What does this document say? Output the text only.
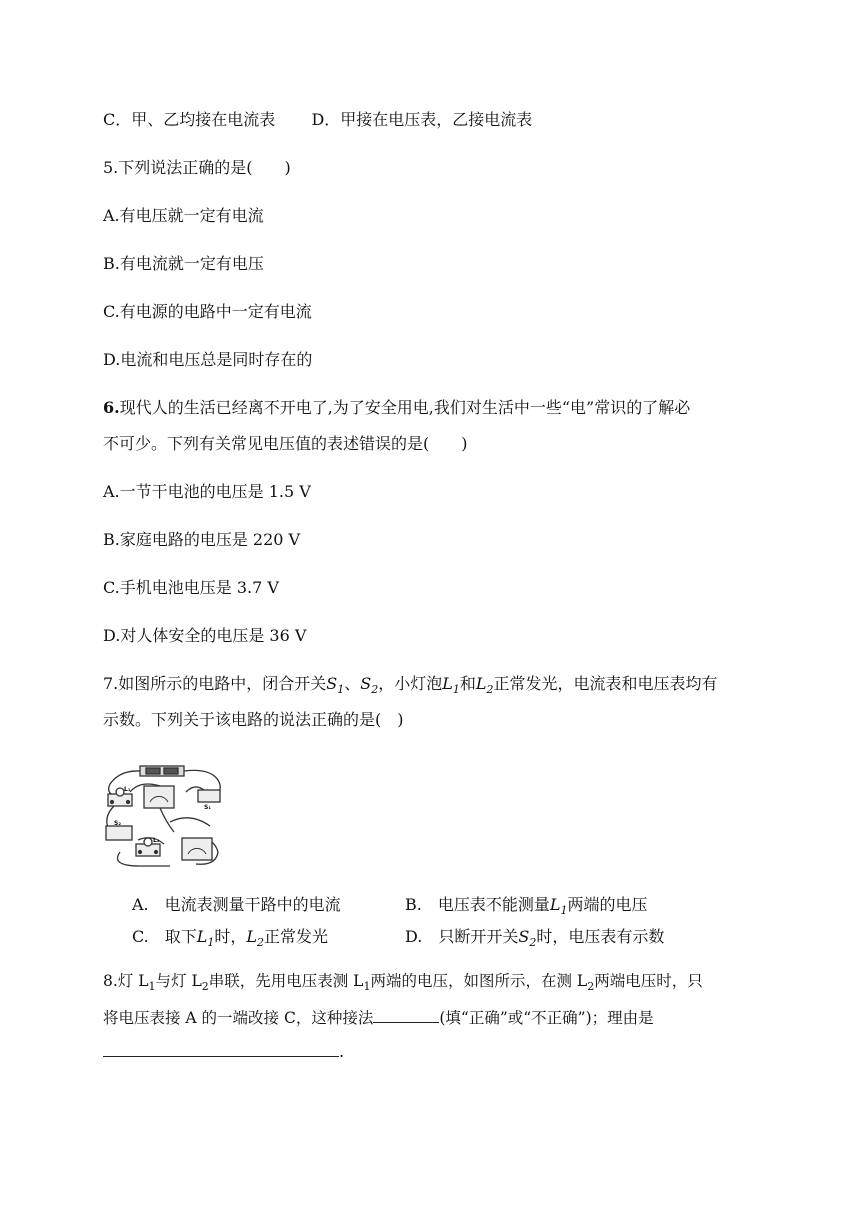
C．甲、乙均接在电流表 D．甲接在电压表，乙接电流表
5.下列说法正确的是(　　)
A.有电压就一定有电流
B.有电流就一定有电压
C.有电源的电路中一定有电流
D.电流和电压总是同时存在的
6.现代人的生活已经离不开电了,为了安全用电,我们对生活中一些“电”常识的了解必
不可少。下列有关常见电压值的表述错误的是(　　)
A.一节干电池的电压是 1.5 V
B.家庭电路的电压是 220 V
C.手机电池电压是 3.7 V
D.对人体安全的电压是 36 V
7.如图所示的电路中，闭合开关$S_1$、$S_2$，小灯泡$L_1$和$L_2$正常发光，电流表和电压表均有
示数。下列关于该电路的说法正确的是(　)
L₁
S₁
S₂
L₂
A.　电流表测量干路中的电流	B.　电压表不能测量$L_1$两端的电压
C.　取下$L_1$时，$L_2$正常发光	D.　只断开开关$S_2$时，电压表有示数
8.灯 $L_1$与灯 $L_2$串联，先用电压表测 $L_1$两端的电压，如图所示，在测 $L_2$两端电压时，只
将电压表接 A 的一端改接 C，这种接法	(填“正确”或“不正确”)；理由是
.
